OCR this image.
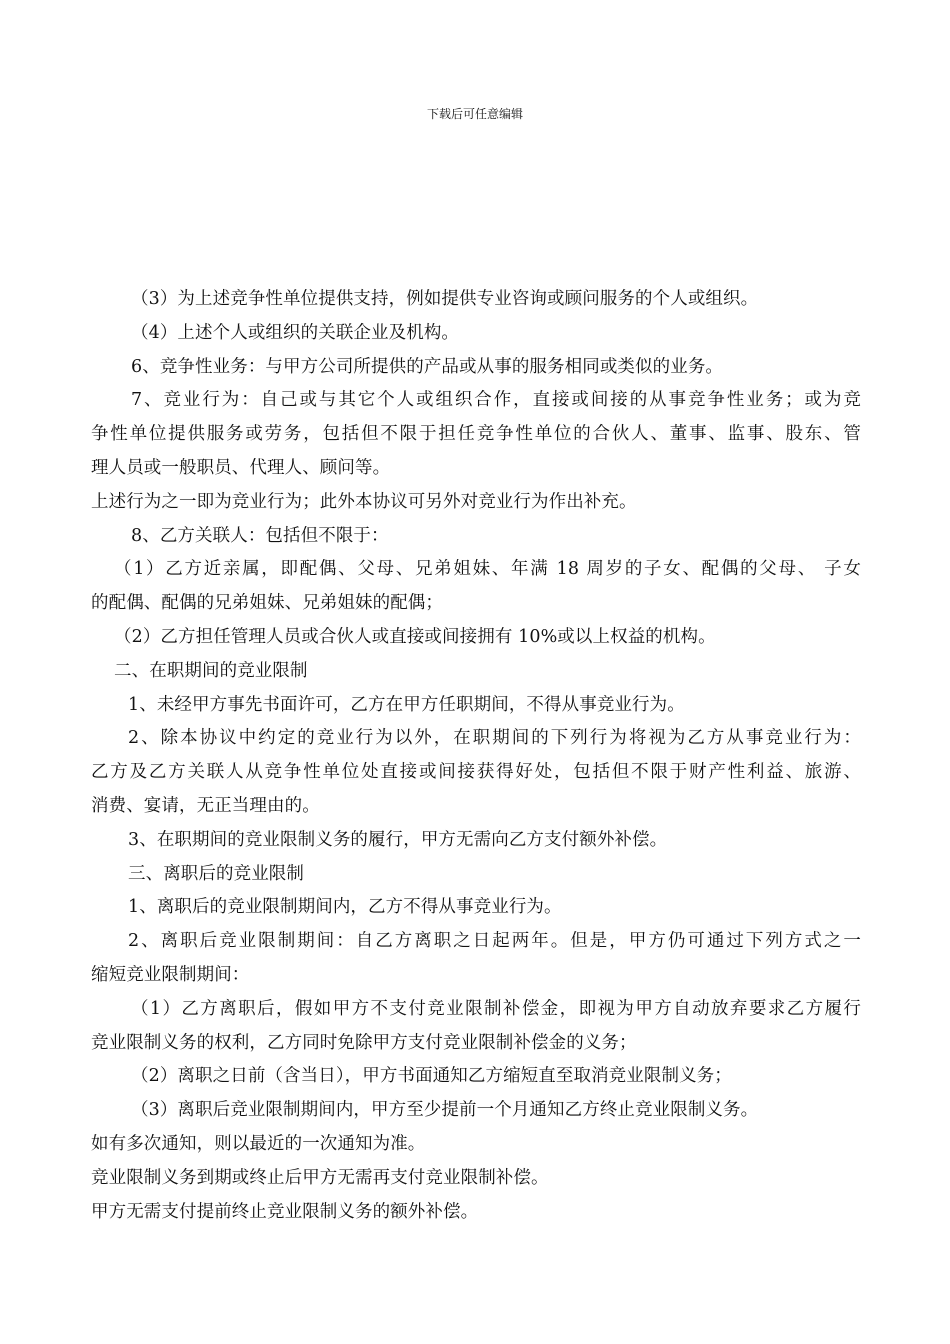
下载后可任意编辑
（3）为上述竞争性单位提供支持，例如提供专业咨询或顾问服务的个人或组织。
（4）上述个人或组织的关联企业及机构。
6、竞争性业务：与甲方公司所提供的产品或从事的服务相同或类似的业务。
7、竞业行为：自己或与其它个人或组织合作，直接或间接的从事竞争性业务；或为竞
争性单位提供服务或劳务，包括但不限于担任竞争性单位的合伙人、董事、监事、股东、管
理人员或一般职员、代理人、顾问等。
上述行为之一即为竞业行为；此外本协议可另外对竞业行为作出补充。
8、乙方关联人：包括但不限于：
（1）乙方近亲属，即配偶、父母、兄弟姐妹、年满 18 周岁的子女、配偶的父母、 子女
的配偶、配偶的兄弟姐妹、兄弟姐妹的配偶；
（2）乙方担任管理人员或合伙人或直接或间接拥有 10%或以上权益的机构。
二、在职期间的竞业限制
1、未经甲方事先书面许可，乙方在甲方任职期间，不得从事竞业行为。
2、除本协议中约定的竞业行为以外，在职期间的下列行为将视为乙方从事竞业行为：
乙方及乙方关联人从竞争性单位处直接或间接获得好处，包括但不限于财产性利益、旅游、
消费、宴请，无正当理由的。
3、在职期间的竞业限制义务的履行，甲方无需向乙方支付额外补偿。
三、离职后的竞业限制
1、离职后的竞业限制期间内，乙方不得从事竞业行为。
2、离职后竞业限制期间：自乙方离职之日起两年。但是，甲方仍可通过下列方式之一
缩短竞业限制期间：
（1）乙方离职后，假如甲方不支付竞业限制补偿金，即视为甲方自动放弃要求乙方履行
竞业限制义务的权利，乙方同时免除甲方支付竞业限制补偿金的义务；
（2）离职之日前（含当日），甲方书面通知乙方缩短直至取消竞业限制义务；
（3）离职后竞业限制期间内，甲方至少提前一个月通知乙方终止竞业限制义务。
如有多次通知，则以最近的一次通知为准。
竞业限制义务到期或终止后甲方无需再支付竞业限制补偿。
甲方无需支付提前终止竞业限制义务的额外补偿。
